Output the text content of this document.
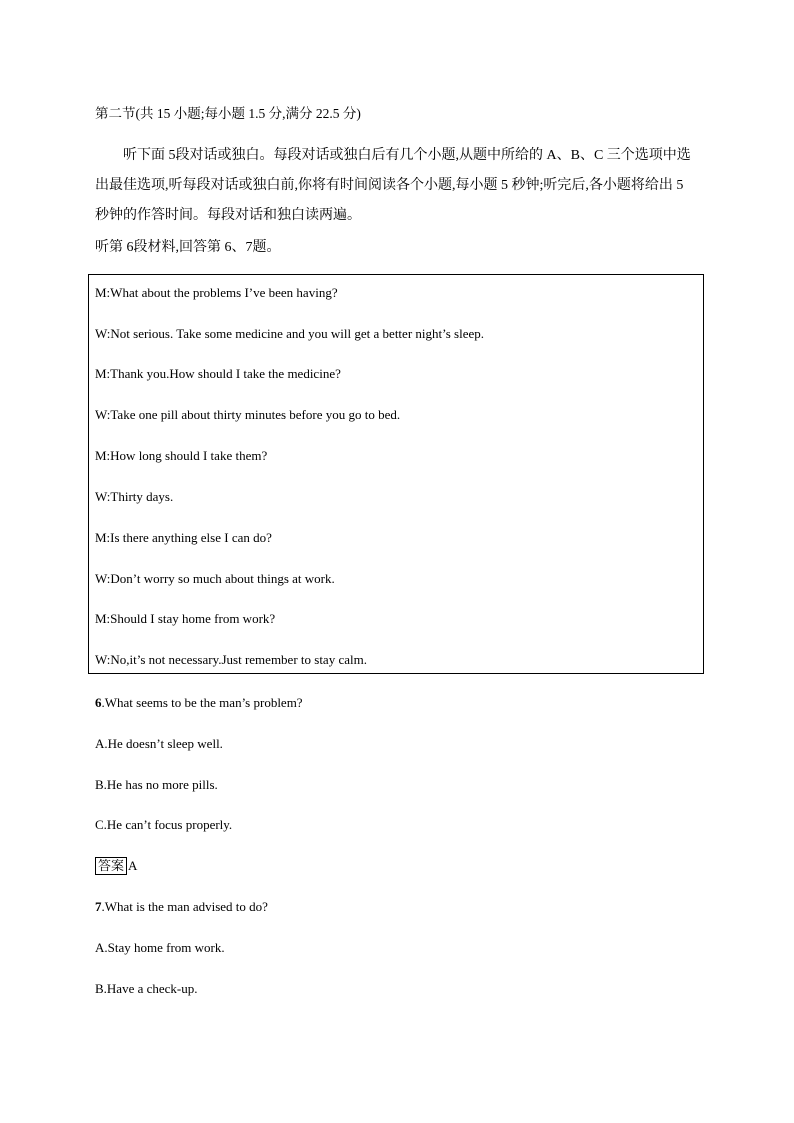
第二节(共 15 小题;每小题 1.5 分,满分 22.5 分)

听下面 5段对话或独白。每段对话或独白后有几个小题,从题中所给的 A、B、C 三个选项中选出最佳选项,听每段对话或独白前,你将有时间阅读各个小题,每小题 5 秒钟;听完后,各小题将给出 5 秒钟的作答时间。每段对话和独白读两遍。

听第 6段材料,回答第 6、7题。
M:What about the problems I’ve been having?
W:Not serious. Take some medicine and you will get a better night’s sleep.
M:Thank you.How should I take the medicine?
W:Take one pill about thirty minutes before you go to bed.
M:How long should I take them?
W:Thirty days.
M:Is there anything else I can do?
W:Don’t worry so much about things at work.
M:Should I stay home from work?
W:No,it’s not necessary.Just remember to stay calm.
6.What seems to be the man’s problem?
A.He doesn’t sleep well.
B.He has no more pills.
C.He can’t focus properly.
答案 A
7.What is the man advised to do?
A.Stay home from work.
B.Have a check-up.
